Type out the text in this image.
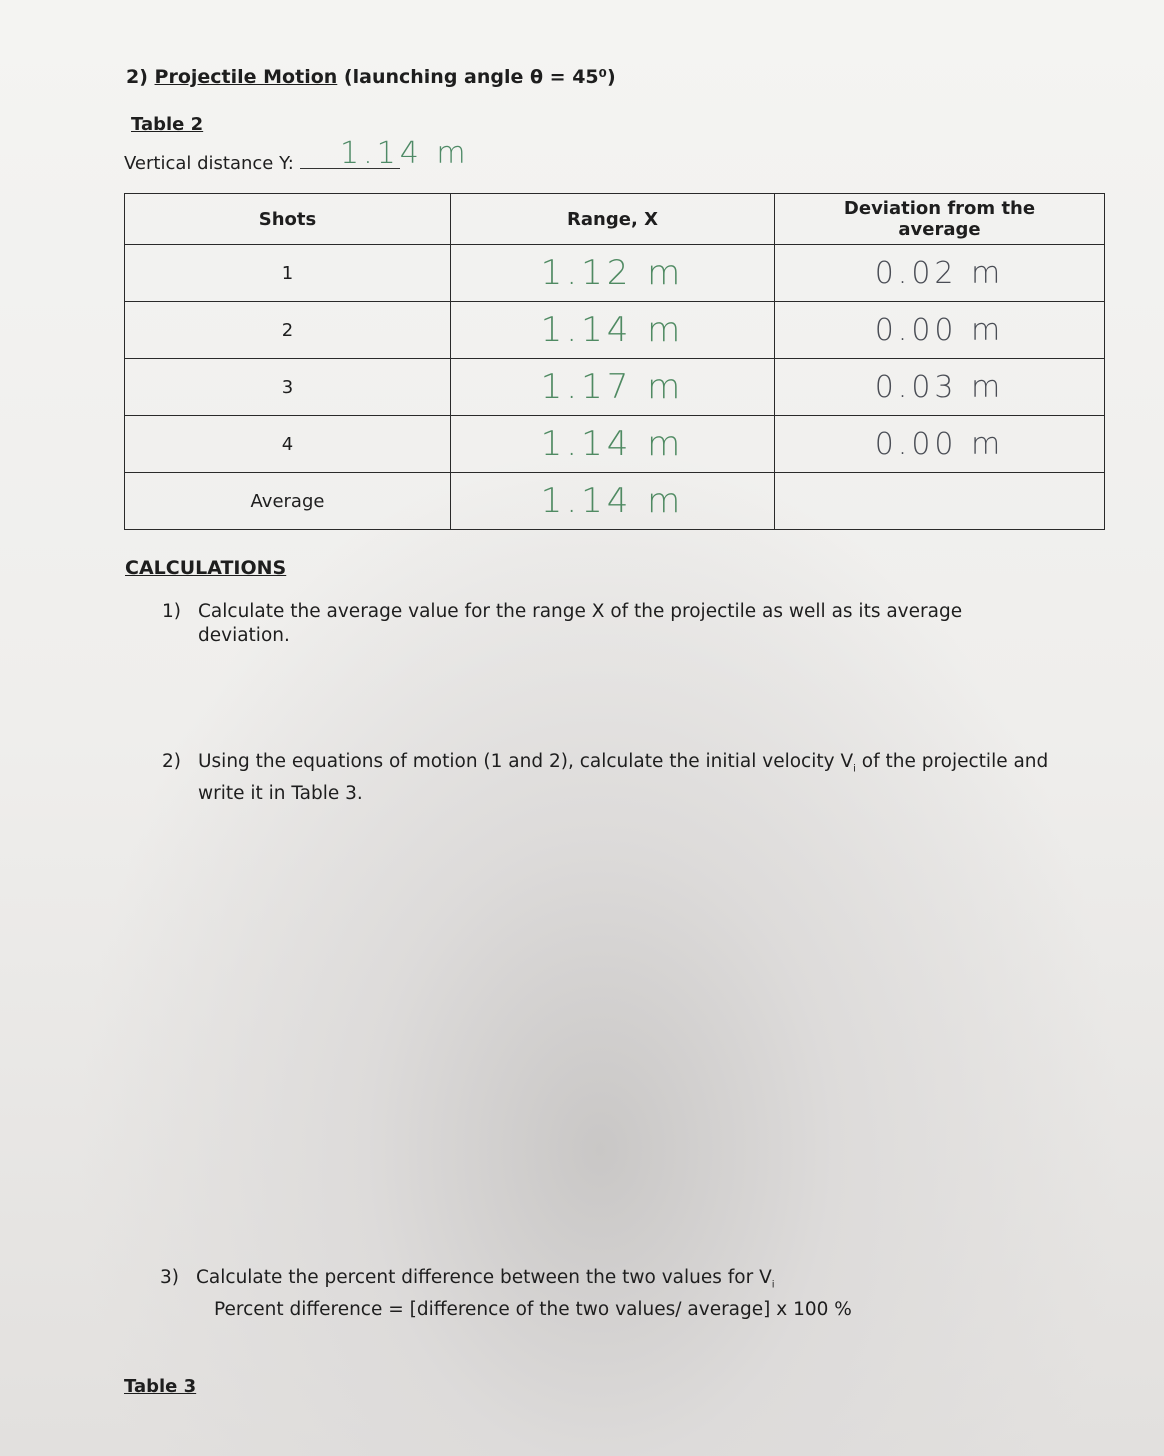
2) Projectile Motion (launching angle θ = 45⁰)
Table 2
Vertical distance Y:	1.14 m
Shots	Range, X	Deviation from the average
1	1.12 m	0.02 m
2	1.14 m	0.00 m
3	1.17 m	0.03 m
4	1.14 m	0.00 m
Average	1.14 m	
CALCULATIONS
1) Calculate the average value for the range X of the projectile as well as its average deviation.
2) Using the equations of motion (1 and 2), calculate the initial velocity $V_i$ of the projectile and write it in Table 3.
3) Calculate the percent difference between the two values for $V_i$
Percent difference = [difference of the two values/ average] x 100 %
Table 3
